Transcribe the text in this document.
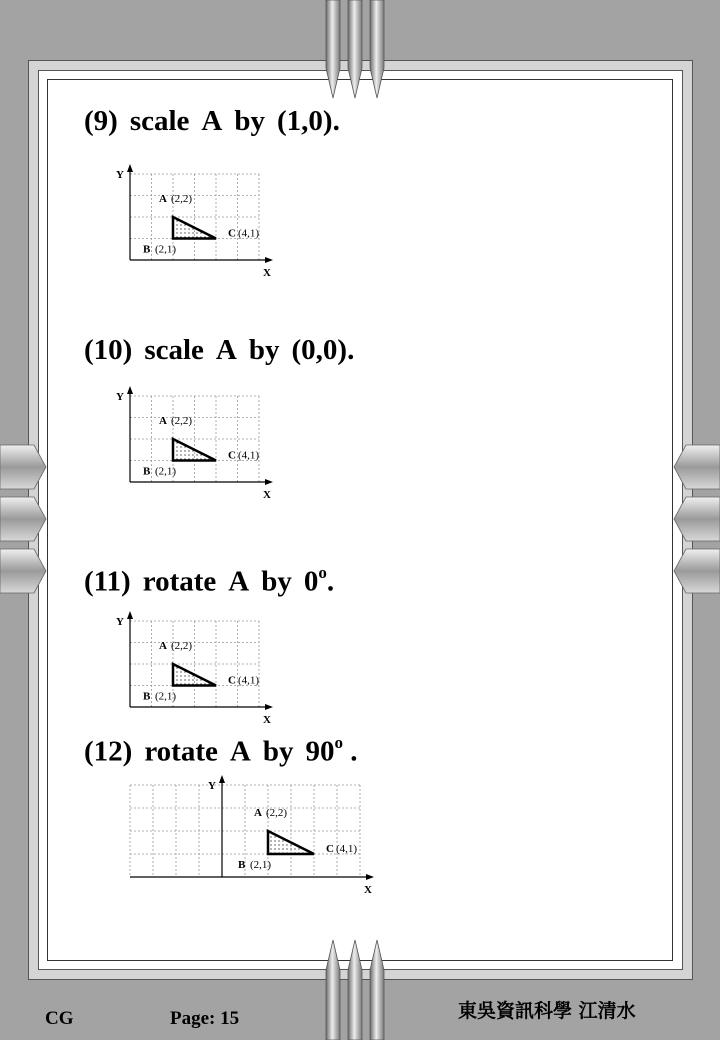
(9) scale A by (1,0).
(10) scale A by (0,0).
(11) rotate A by 0$^o$.
(12) rotate A by 90$^o$ .
Y
X
A (2,2)
B (2,1)
C (4,1)
Y
X
A (2,2)
B (2,1)
C (4,1)
Y
X
A (2,2)
B (2,1)
C (4,1)
Y
X
A (2,2)
B (2,1)
C (4,1)
CG	Page: 15	東吳資訊科學 江清水
